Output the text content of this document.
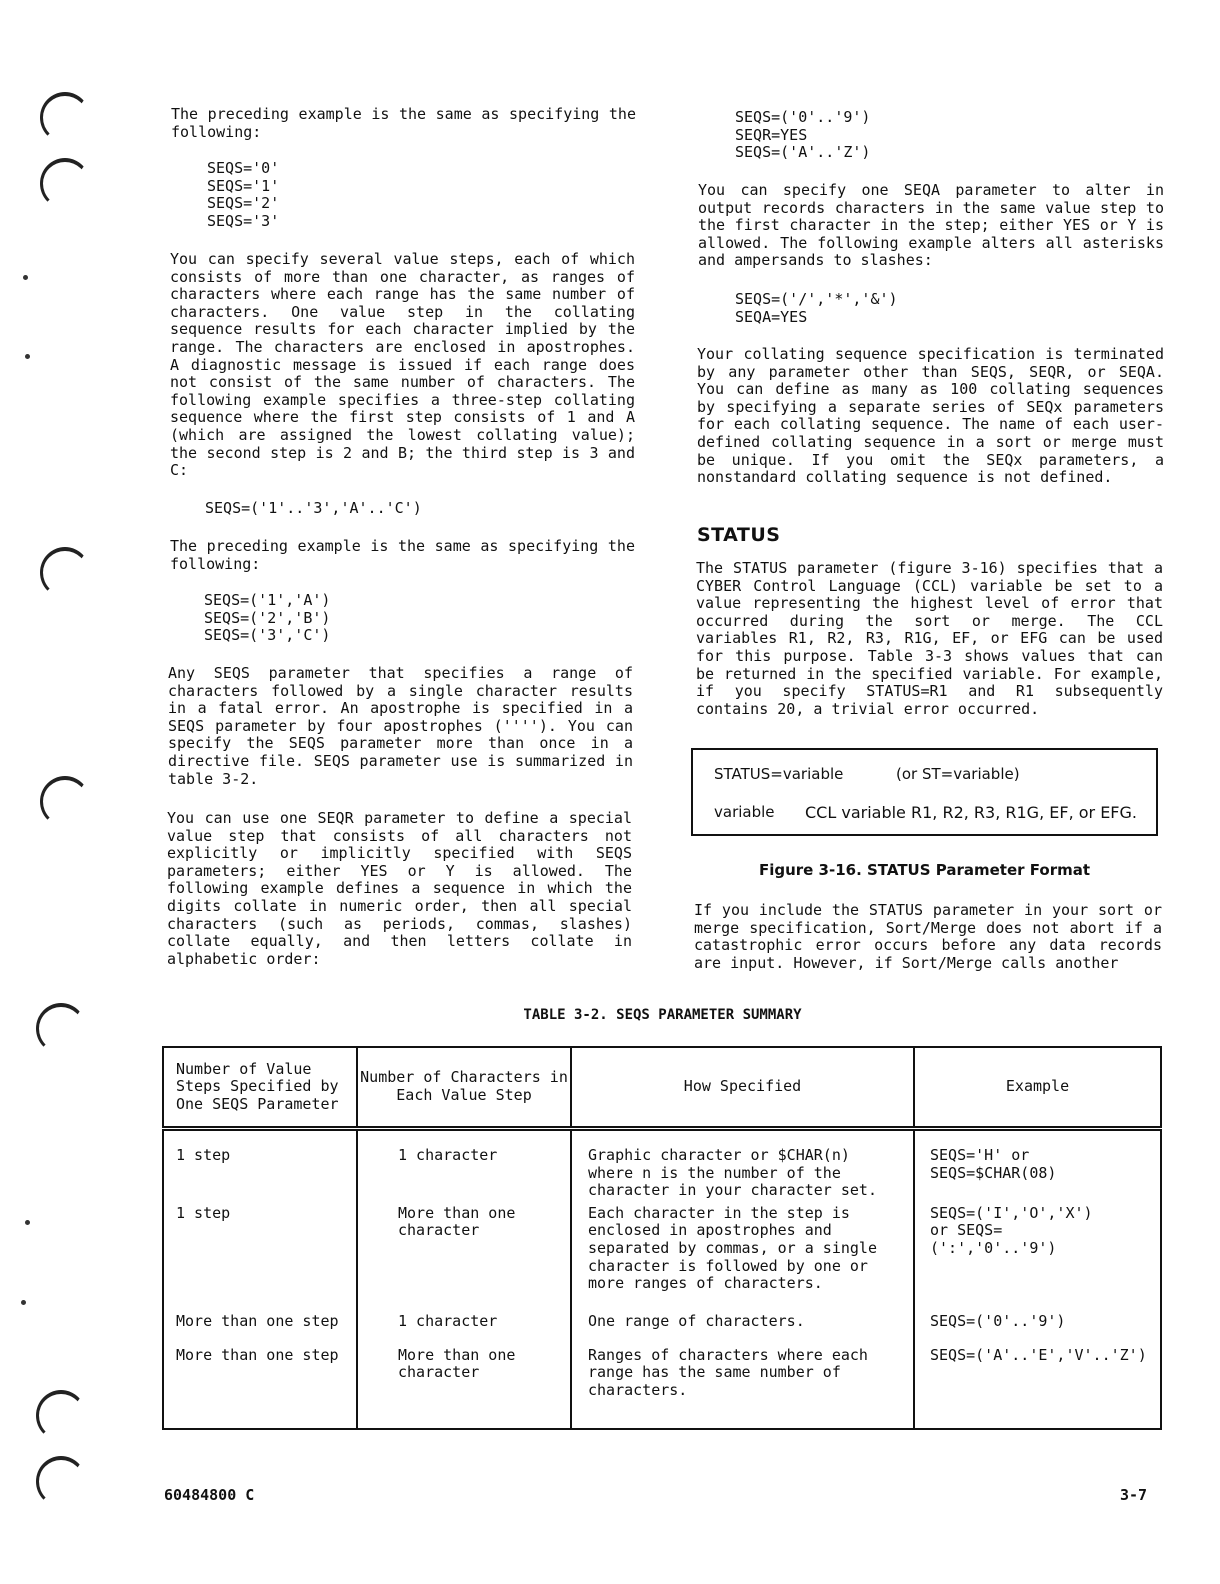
The preceding example is the same as specifying the following:

SEQS='0'
SEQS='1'
SEQS='2'
SEQS='3'

You can specify several value steps, each of which consists of more than one character, as ranges of characters where each range has the same number of characters. One value step in the collating sequence results for each character implied by the range. The characters are enclosed in apostrophes. A diagnostic message is issued if each range does not consist of the same number of characters. The following example specifies a three-step collating sequence where the first step consists of 1 and A (which are assigned the lowest collating value); the second step is 2 and B; the third step is 3 and C:

SEQS=('1'..'3','A'..'C')

The preceding example is the same as specifying the following:

SEQS=('1','A')
SEQS=('2','B')
SEQS=('3','C')

Any SEQS parameter that specifies a range of characters followed by a single character results in a fatal error. An apostrophe is specified in a SEQS parameter by four apostrophes (''''). You can specify the SEQS parameter more than once in a directive file. SEQS parameter use is summarized in table 3-2.

You can use one SEQR parameter to define a special value step that consists of all characters not explicitly or implicitly specified with SEQS parameters; either YES or Y is allowed. The following example defines a sequence in which the digits collate in numeric order, then all special characters (such as periods, commas, slashes) collate equally, and then letters collate in alphabetic order:

SEQS=('0'..'9')
SEQR=YES
SEQS=('A'..'Z')

You can specify one SEQA parameter to alter in output records characters in the same value step to the first character in the step; either YES or Y is allowed. The following example alters all asterisks and ampersands to slashes:

SEQS=('/','*','&')
SEQA=YES

Your collating sequence specification is terminated by any parameter other than SEQS, SEQR, or SEQA. You can define as many as 100 collating sequences by specifying a separate series of SEQx parameters for each collating sequence. The name of each user-defined collating sequence in a sort or merge must be unique. If you omit the SEQx parameters, a nonstandard collating sequence is not defined.

The STATUS parameter (figure 3-16) specifies that a CYBER Control Language (CCL) variable be set to a value representing the highest level of error that occurred during the sort or merge. The CCL variables R1, R2, R3, R1G, EF, or EFG can be used for this purpose. Table 3-3 shows values that can be returned in the specified variable. For example, if you specify STATUS=R1 and R1 subsequently contains 20, a trivial error occurred.

If you include the STATUS parameter in your sort or merge specification, Sort/Merge does not abort if a catastrophic error occurs before any data records are input. However, if Sort/Merge calls another

STATUS
STATUS=variable	(or ST=variable)
variable CCL variable R1, R2, R3, R1G, EF, or EFG.
Figure 3-16. STATUS Parameter Format
TABLE 3-2. SEQS PARAMETER SUMMARY
Number of Value Steps Specified by One SEQS Parameter	Number of Characters in Each Value Step	How Specified	Example
1 step	1 character	Graphic character or $CHAR(n) where n is the number of the character in your character set.	SEQS='H' or SEQS=$CHAR(08)
1 step	More than one character	Each character in the step is enclosed in apostrophes and separated by commas, or a single character is followed by one or more ranges of characters.	SEQS=('I','O','X') or SEQS=(':','0'..'9')
More than one step	1 character	One range of characters.	SEQS=('0'..'9')
More than one step	More than one character	Ranges of characters where each range has the same number of characters.	SEQS=('A'..'E','V'..'Z')
60484800 C	3-7
